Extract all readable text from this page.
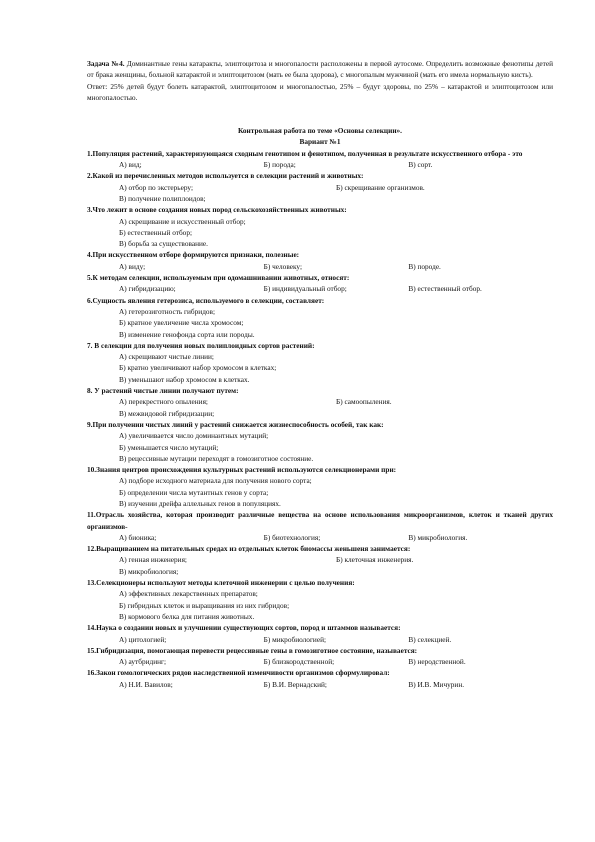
Задача №4. Доминантные гены катаракты, элиптоцитоза и многопалости расположены в первой аутосоме. Определить возможные фенотипы детей от брака женщины, больной катарактой и элиптоцитозом (мать ее была здорова), с многопалым мужчиной (мать его имела нормальную кисть).
Ответ: 25% детей будут болеть катарактой, элиптоцитозом и многопалостью, 25% – будут здоровы, по 25% – катарактой и элиптоцитозом или многопалостью.
Контрольная работа по теме «Основы селекции».
Вариант №1
1.Популяция растений, характеризующаяся сходным генотипом и фенотипом, полученная в результате искусственного отбора - это
А) вид;	Б) порода;	В) сорт.
2.Какой из перечисленных методов используется в селекции растений и животных:
А) отбор по экстерьеру;	Б) скрещивание организмов.
В) получение полиплоидов;
3.Что лежит в основе создания новых пород сельскохозяйственных животных:
А) скрещивание и искусственный отбор;
Б) естественный отбор;
В) борьба за существование.
4.При искусственном отборе формируются признаки, полезные:
А) виду;	Б) человеку;	В) породе.
5.К методам селекции, используемым при одомашнивании животных, относят:
А) гибридизацию;	Б) индивидуальный отбор;	В) естественный отбор.
6.Сущность явления гетерозиса, используемого в селекции, составляет:
А) гетерозиготность гибридов;
Б) кратное увеличение числа хромосом;
В) изменение генофонда сорта или породы.
7. В селекции для получения новых полиплоидных сортов растений:
А) скрещивают чистые линии;
Б) кратно увеличивают набор хромосом в клетках;
В) уменьшают набор хромосом в клетках.
8. У растений чистые линии получают путем:
А) перекрестного опыления;	Б) самоопыления.
В) межвидовой гибридизации;
9.При получении чистых линий у растений снижается жизнеспособность особей, так как:
А) увеличивается число доминантных мутаций;
Б) уменьшается число мутаций;
В) рецессивные мутации переходят в гомозиготное состояние.
10.Знания центров происхождения культурных растений используются селекционерами при:
А) подборе исходного материала для получения нового сорта;
Б) определении числа мутантных генов у сорта;
В) изучении дрейфа аллельных генов в популяциях.
11.Отрасль хозяйства, которая производит различные вещества на основе использования микроорганизмов, клеток и тканей других организмов-
А) бионика;	Б) биотехнология;	В) микробиология.
12.Выращиванием на питательных средах из отдельных клеток биомассы женьшеня занимается:
А) генная инженерия;	Б) клеточная инженерия.
В) микробиология;
13.Селекционеры используют методы клеточной инженерии с целью получения:
А) эффективных лекарственных препаратов;
Б) гибридных клеток и выращивания из них гибридов;
В) кормового белка для питания животных.
14.Наука о создании новых и улучшении существующих сортов, пород и штаммов называется:
А) цитологией;	Б) микробиологией;	В) селекцией.
15.Гибридизация, помогающая перевести рецессивные гены в гомозиготное состояние, называется:
А) аутбридинг;	Б) близкородственной;	В) неродственной.
16.Закон гомологических рядов наследственной изменчивости организмов сформулировал:
А) Н.И. Вавилов;	Б) В.И. Вернадский;	В) И.В. Мичурин.
